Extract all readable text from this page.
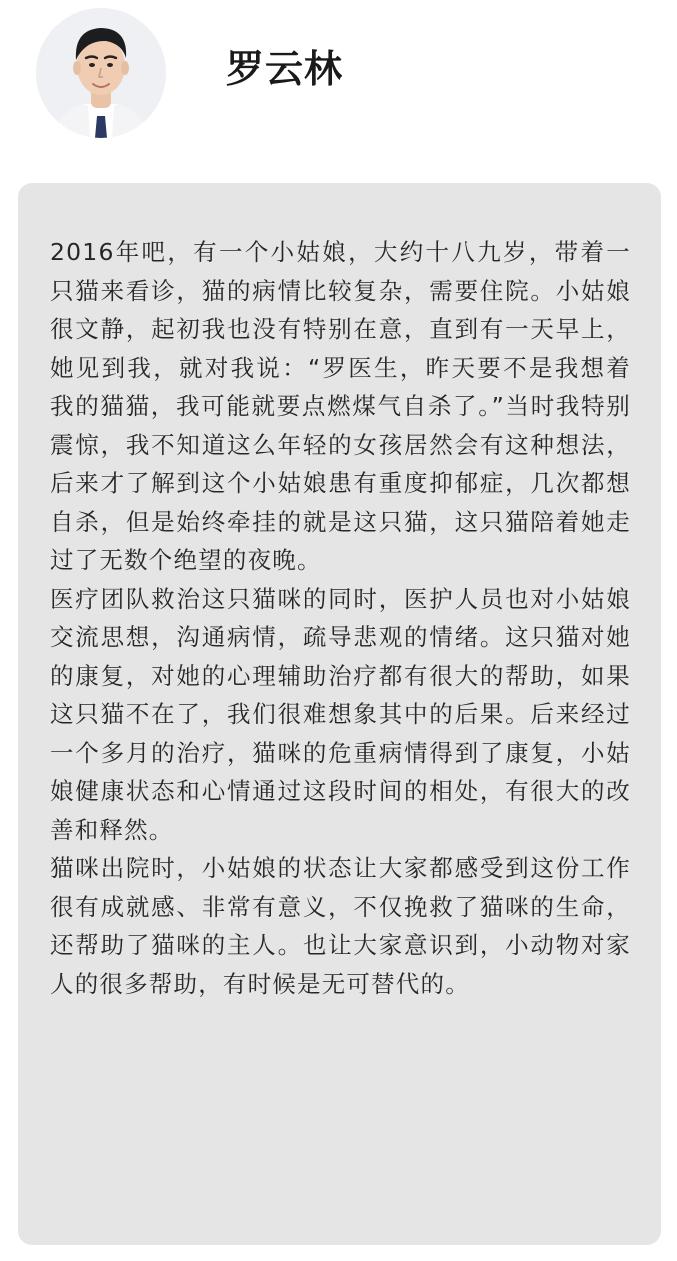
罗云林

2016年吧，有一个小姑娘，大约十八九岁，带着一只猫来看诊，猫的病情比较复杂，需要住院。小姑娘很文静，起初我也没有特别在意，直到有一天早上，她见到我，就对我说：“罗医生，昨天要不是我想着我的猫猫，我可能就要点燃煤气自杀了。”当时我特别震惊，我不知道这么年轻的女孩居然会有这种想法，后来才了解到这个小姑娘患有重度抑郁症，几次都想自杀，但是始终牵挂的就是这只猫，这只猫陪着她走过了无数个绝望的夜晚。

医疗团队救治这只猫咪的同时，医护人员也对小姑娘交流思想，沟通病情，疏导悲观的情绪。这只猫对她的康复，对她的心理辅助治疗都有很大的帮助，如果这只猫不在了，我们很难想象其中的后果。后来经过一个多月的治疗，猫咪的危重病情得到了康复，小姑娘健康状态和心情通过这段时间的相处，有很大的改善和释然。

猫咪出院时，小姑娘的状态让大家都感受到这份工作很有成就感、非常有意义，不仅挽救了猫咪的生命，还帮助了猫咪的主人。也让大家意识到，小动物对家人的很多帮助，有时候是无可替代的。
